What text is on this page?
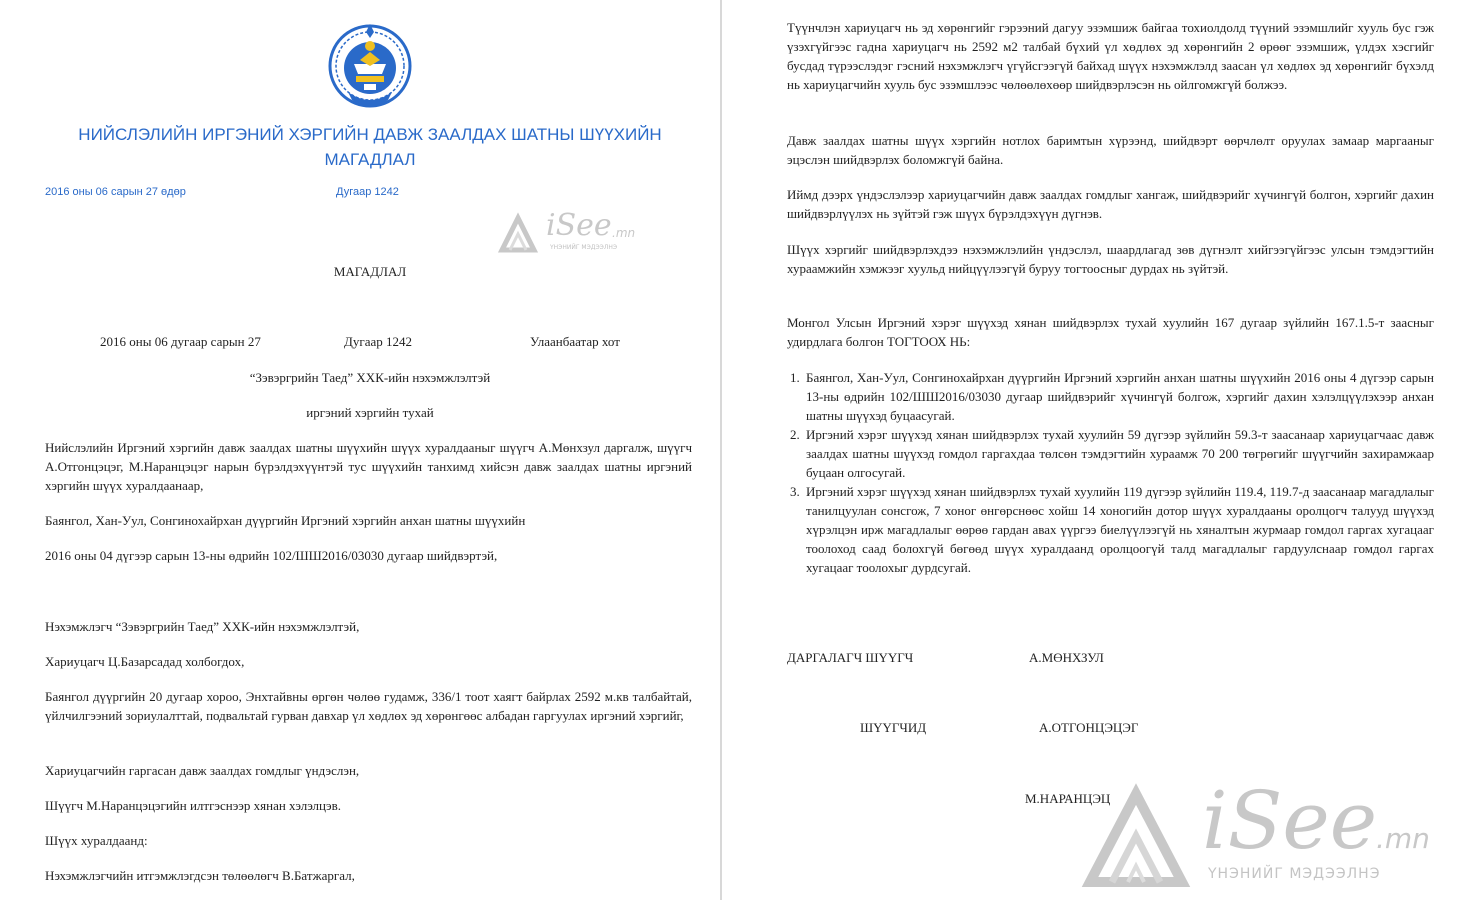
НИЙСЛЭЛИЙН ИРГЭНИЙ ХЭРГИЙН ДАВЖ ЗААЛДАХ ШАТНЫ ШҮҮХИЙН МАГАДЛАЛ
2016 оны 06 сарын 27 өдөр	Дугаар 1242
iSee .mn
ҮНЭНИЙГ МЭДЭЭЛНЭ
МАГАДЛАЛ
2016 оны 06 дугаар сарын 27	Дугаар 1242	Улаанбаатар хот
“Зэвэргрийн Таед” ХХК-ийн нэхэмжлэлтэй
иргэний хэргийн тухай
Нийслэлийн Иргэний хэргийн давж заалдах шатны шүүхийн шүүх хуралдааныг шүүгч А.Мөнхзул даргалж, шүүгч А.Отгонцэцэг, М.Наранцэцэг нарын бүрэлдэхүүнтэй тус шүүхийн танхимд хийсэн давж заалдах шатны иргэний хэргийн шүүх хуралдаанаар,
Баянгол, Хан-Уул, Сонгинохайрхан дүүргийн Иргэний хэргийн анхан шатны шүүхийн
2016 оны 04 дүгээр сарын 13-ны өдрийн 102/ШШ2016/03030 дугаар шийдвэртэй,
Нэхэмжлэгч “Зэвэргрийн Таед” ХХК-ийн нэхэмжлэлтэй,
Хариуцагч Ц.Базарсадад холбогдох,
Баянгол дүүргийн 20 дугаар хороо, Энхтайвны өргөн чөлөө гудамж, 336/1 тоот хаягт байрлах 2592 м.кв талбайтай, үйлчилгээний зориулалттай, подвальтай гурван давхар үл хөдлөх эд хөрөнгөөс албадан гаргуулах иргэний хэргийг,
Хариуцагчийн гаргасан давж заалдах гомдлыг үндэслэн,
Шүүгч М.Наранцэцэгийн илтгэснээр хянан хэлэлцэв.
Шүүх хуралдаанд:
Нэхэмжлэгчийн итгэмжлэгдсэн төлөөлөгч В.Батжаргал,
Түүнчлэн хариуцагч нь эд хөрөнгийг гэрээний дагуу эзэмшиж байгаа тохиолдолд түүний эзэмшлийг хууль бус гэж үзэхгүйгээс гадна хариуцагч нь 2592 м2 талбай бүхий үл хөдлөх эд хөрөнгийн 2 өрөөг эзэмшиж, үлдэх хэсгийг бусдад түрээслэдэг гэсний нэхэмжлэгч үгүйсгээгүй байхад шүүх нэхэмжлэлд заасан үл хөдлөх эд хөрөнгийг бүхэлд нь хариуцагчийн хууль бус эзэмшлээс чөлөөлөхөөр шийдвэрлэсэн нь ойлгомжгүй болжээ.
Давж заалдах шатны шүүх хэргийн нотлох баримтын хүрээнд, шийдвэрт өөрчлөлт оруулах замаар маргааныг эцэслэн шийдвэрлэх боломжгүй байна.
Иймд дээрх үндэслэлээр хариуцагчийн давж заалдах гомдлыг хангаж, шийдвэрийг хүчингүй болгон, хэргийг дахин шийдвэрлүүлэх нь зүйтэй гэж шүүх бүрэлдэхүүн дүгнэв.
Шүүх хэргийг шийдвэрлэхдээ нэхэмжлэлийн үндэслэл, шаардлагад зөв дүгнэлт хийгээгүйгээс улсын тэмдэгтийн хураамжийн хэмжээг хуульд нийцүүлээгүй буруу тогтоосныг дурдах нь зүйтэй.
Монгол Улсын Иргэний хэрэг шүүхэд хянан шийдвэрлэх тухай хуулийн 167 дугаар зүйлийн 167.1.5-т заасныг удирдлага болгон ТОГТООХ НЬ:
1. Баянгол, Хан-Уул, Сонгинохайрхан дүүргийн Иргэний хэргийн анхан шатны шүүхийн 2016 оны 4 дүгээр сарын 13-ны өдрийн 102/ШШ2016/03030 дугаар шийдвэрийг хүчингүй болгож, хэргийг дахин хэлэлцүүлэхээр анхан шатны шүүхэд буцаасугай.
2. Иргэний хэрэг шүүхэд хянан шийдвэрлэх тухай хуулийн 59 дүгээр зүйлийн 59.3-т заасанаар хариуцагчаас давж заалдах шатны шүүхэд гомдол гаргахдаа төлсөн тэмдэгтийн хураамж 70 200 төгрөгийг шүүгчийн захирамжаар буцаан олгосугай.
3. Иргэний хэрэг шүүхэд хянан шийдвэрлэх тухай хуулийн 119 дүгээр зүйлийн 119.4, 119.7-д заасанаар магадлалыг танилцуулан сонсгож, 7 хоног өнгөрснөөс хойш 14 хоногийн дотор шүүх хуралдааны оролцогч талууд шүүхэд хүрэлцэн ирж магадлалыг өөрөө гардан авах үүргээ биелүүлээгүй нь хяналтын журмаар гомдол гаргах хугацааг тоолоход саад болохгүй бөгөөд шүүх хуралдаанд оролцоогүй талд магадлалыг гардуулснаар гомдол гаргах хугацааг тоолохыг дурдсугай.
ДАРГАЛАГЧ ШҮҮГЧ	А.МӨНХЗУЛ
ШҮҮГЧИД	А.ОТГОНЦЭЦЭГ
М.НАРАНЦЭЦ iSee
.mn
ҮНЭНИЙГ МЭДЭЭЛНЭ
